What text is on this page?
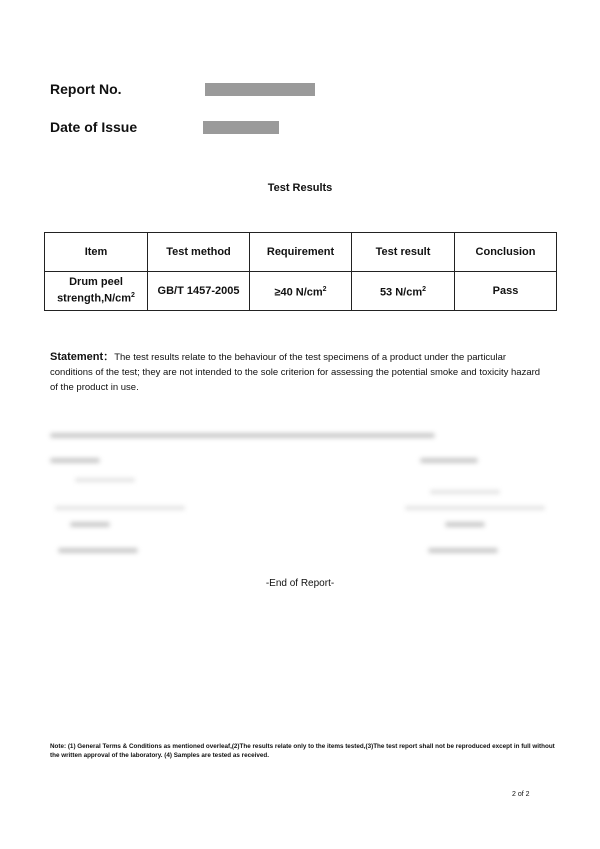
Report No.
Date of Issue
Test Results
Item	Test method	Requirement	Test result	Conclusion
Drum peel
$strength,N/cm^2$	GB/T 1457-2005	≥40 $N/cm^2$	53 $N/cm^2$	Pass
Statement：The test results relate to the behaviour of the test specimens of a product under the particular conditions of the test; they are not intended to the sole criterion for assessing the potential smoke and toxicity hazard of the product in use.
-End of Report-
Note: (1) General Terms & Conditions as mentioned overleaf,(2)The results relate only to the items tested,(3)The test report shall not be reproduced except in full without the written approval of the laboratory. (4) Samples are tested as received.
2 of 2
